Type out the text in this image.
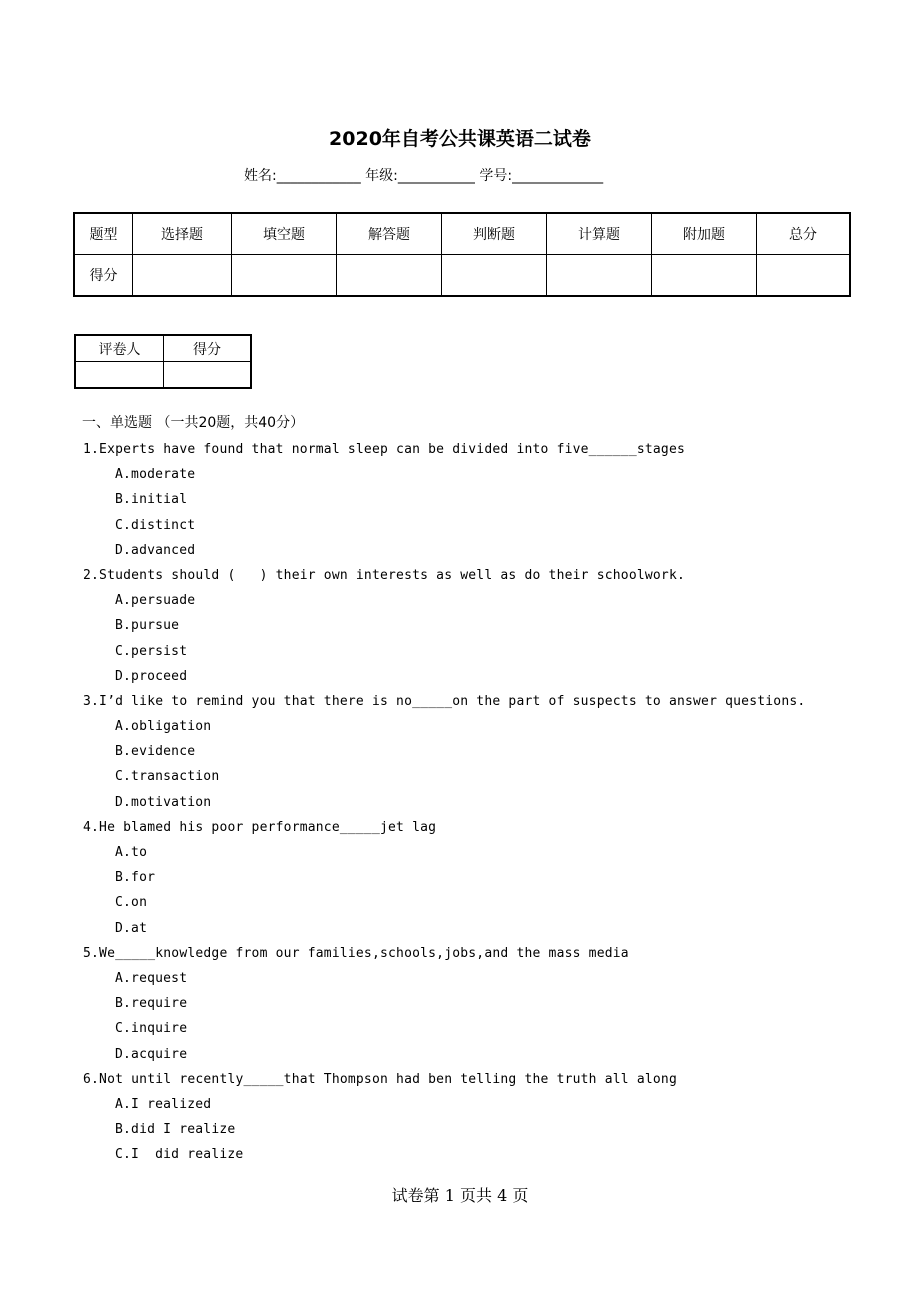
2020年自考公共课英语二试卷
姓名:____________ 年级:___________ 学号:_____________
题型	选择题	填空题	解答题	判断题	计算题	附加题	总分
得分							
评卷人	得分

一、单选题 （一共20题，共40分）
1.Experts have found that normal sleep can be divided into five______stages
A.moderate
B.initial
C.distinct
D.advanced
2.Students should (   ) their own interests as well as do their schoolwork.
A.persuade
B.pursue
C.persist
D.proceed
3.I’d like to remind you that there is no_____on the part of suspects to answer questions.
A.obligation
B.evidence
C.transaction
D.motivation
4.He blamed his poor performance_____jet lag
A.to
B.for
C.on
D.at
5.We_____knowledge from our families,schools,jobs,and the mass media
A.request
B.require
C.inquire
D.acquire
6.Not until recently_____that Thompson had ben telling the truth all along
A.I realized
B.did I realize
C.I  did realize
试卷第 1 页共 4 页
